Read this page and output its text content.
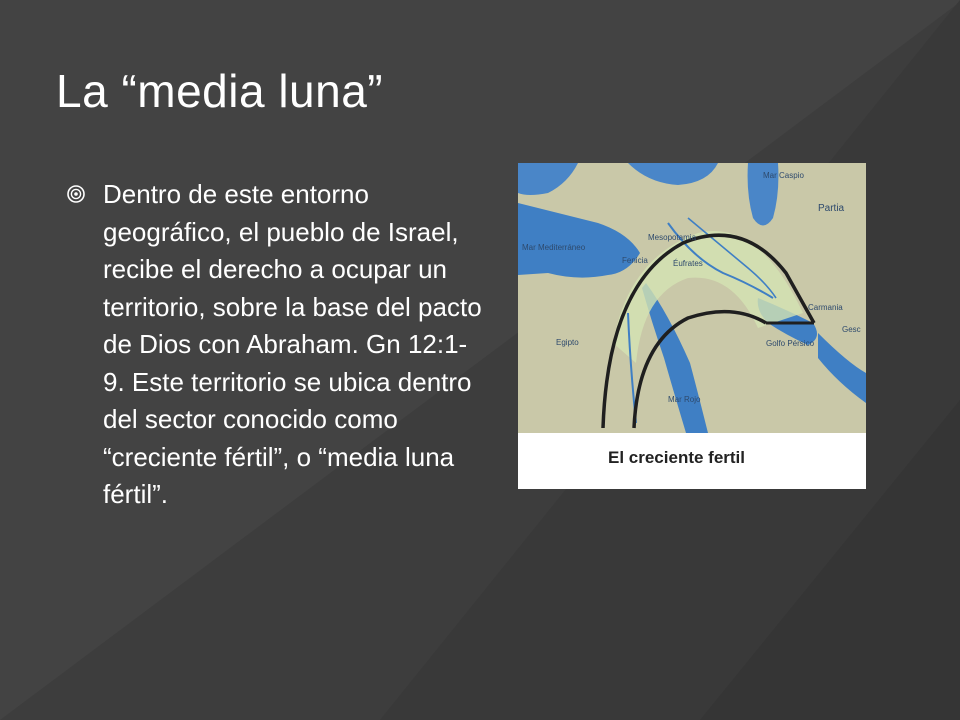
La “media luna”

Dentro de este entorno geográfico, el pueblo de Israel, recibe el derecho a ocupar un territorio, sobre la base del pacto de Dios con Abraham. Gn 12:1-9. Este territorio se ubica dentro del sector conocido como “creciente fértil”, o “media luna fértil”.

Mar Caspio
Partia
Mar Mediterráneo
Mesopotamia
Fenicia	Éufrates
Carmania
Gesc
Egipto	Golfo Pérsico
Mar Rojo
El creciente fertil
